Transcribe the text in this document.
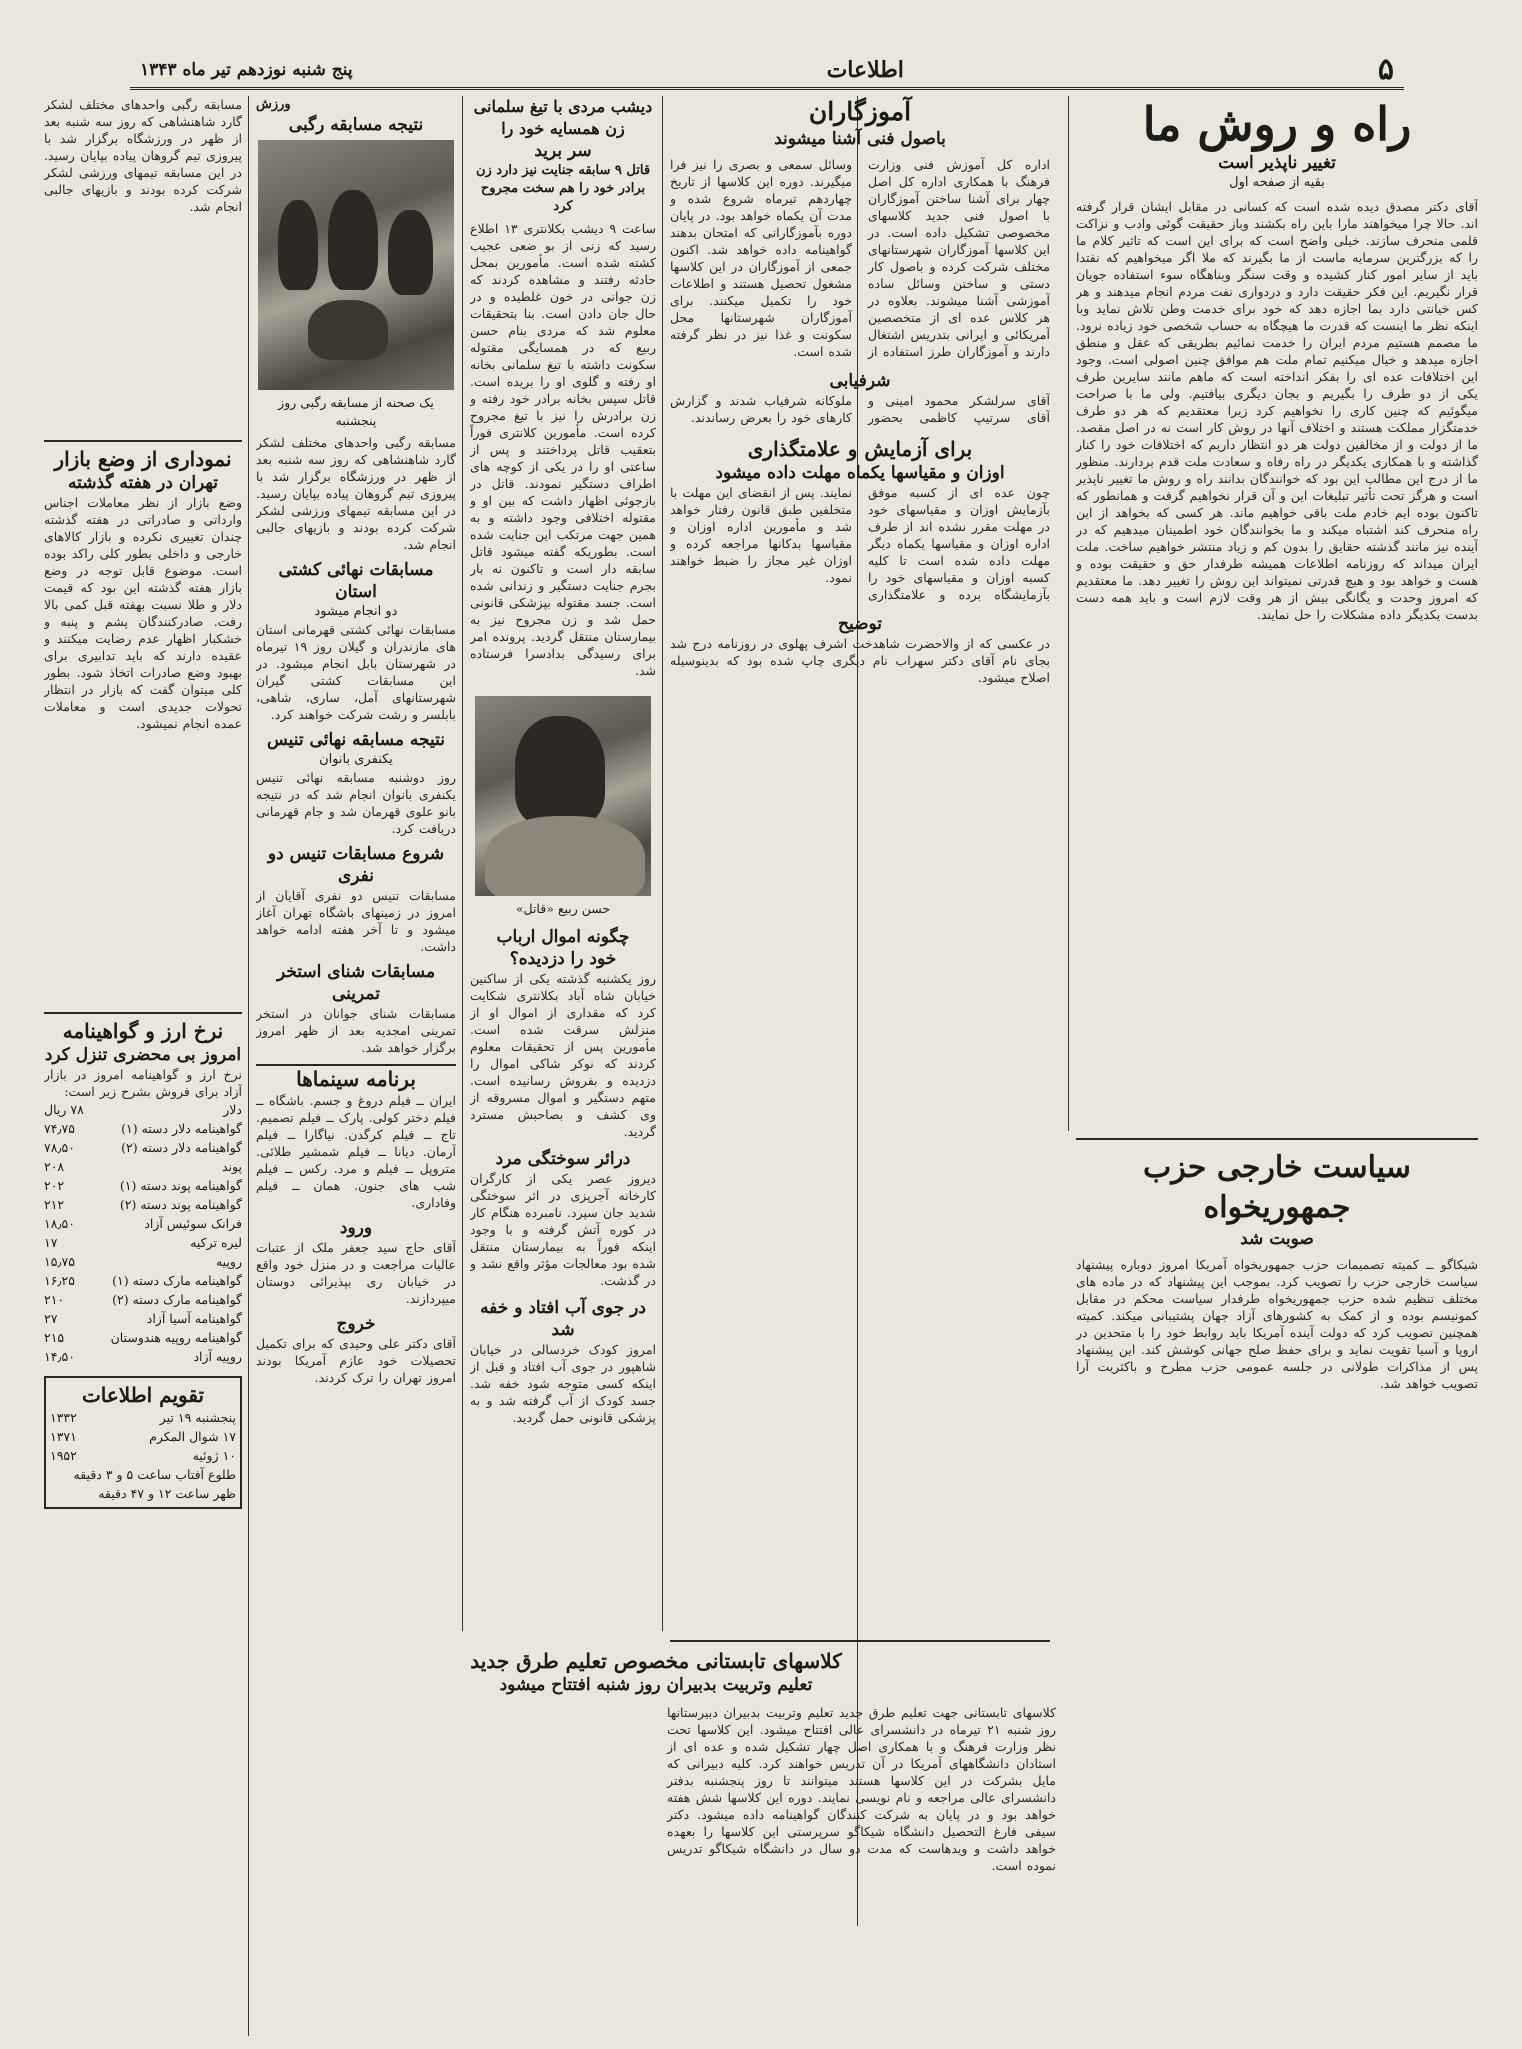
۵
اطلاعات
پنج شنبه نوزدهم تیر ماه ۱۳۴۳
راه و روش ما
تغییر ناپذیر است
بقیه از صفحه اول
آقای دکتر مصدق دیده شده است که کسانی در مقابل ایشان قرار گرفته اند. حالا چرا میخواهند مارا باین راه بکشند وباز حقیقت گوئی وادب و نزاکت قلمی منحرف سازند. خیلی واضح است که برای این است که تاثیر کلام ما را که بزرگترین سرمایه ماست از ما بگیرند که ملا اگر میخواهیم که نفتدا باید از سایر امور کنار کشیده و وقت سنگر وبناهگاه سوء استفاده جویان قرار نگیریم. این فکر حقیقت دارد و دردواری نفت مردم انجام میدهند و هر کس خیانتی دارد بما اجازه دهد که خود برای خدمت وطن تلاش نماید وبا اینکه نظر ما اینست که قدرت ما هیچگاه به حساب شخصی خود زیاده نرود. ما مصمم هستیم مردم ایران را خدمت نمائیم بطریقی که عقل و منطق اجازه میدهد و خیال میکنیم تمام ملت هم موافق چنین اصولی است. وجود این اختلافات عده ای را بفکر انداخته است که ماهم مانند سایرین طرف یکی از دو طرف را بگیریم و بجان دیگری بیافتیم. ولی ما با صراحت میگوئیم که چنین کاری را نخواهیم کرد زیرا معتقدیم که هر دو طرف خدمتگزار مملکت هستند و اختلاف آنها در روش کار است نه در اصل مقصد. ما از دولت و از مخالفین دولت هر دو انتظار داریم که اختلافات خود را کنار گذاشته و با همکاری یکدیگر در راه رفاه و سعادت ملت قدم بردارند. منظور ما از درج این مطالب این بود که خوانندگان بدانند راه و روش ما تغییر ناپذیر است و هرگز تحت تأثیر تبلیغات این و آن قرار نخواهیم گرفت و همانطور که تاکنون بوده ایم خادم ملت باقی خواهیم ماند. هر کسی که بخواهد از این راه منحرف کند اشتباه میکند و ما بخوانندگان خود اطمینان میدهیم که در آینده نیز مانند گذشته حقایق را بدون کم و زیاد منتشر خواهیم ساخت. ملت ایران میداند که روزنامه اطلاعات همیشه طرفدار حق و حقیقت بوده و هست و خواهد بود و هیچ قدرتی نمیتواند این روش را تغییر دهد. ما معتقدیم که امروز وحدت و یگانگی بیش از هر وقت لازم است و باید همه دست بدست یکدیگر داده مشکلات را حل نمایند.
کلاسهای تابستانی مخصوص تعلیم طرق جدید
تعلیم وتربیت بدبیران روز شنبه افتتاح میشود
کلاسهای تابستانی جهت تعلیم طرق جدید تعلیم وتربیت بدبیران دبیرستانها روز شنبه ۲۱ تیرماه در دانشسرای عالی افتتاح میشود. این کلاسها تحت نظر وزارت فرهنگ و با همکاری اصل چهار تشکیل شده و عده ای از استادان دانشگاههای آمریکا در آن تدریس خواهند کرد. کلیه دبیرانی که مایل بشرکت در این کلاسها هستند میتوانند تا روز پنجشنبه بدفتر دانشسرای عالی مراجعه و نام نویسی نمایند. دوره این کلاسها شش هفته خواهد بود و در پایان به شرکت کنندگان گواهینامه داده میشود. دکتر سیفی فارغ التحصیل دانشگاه شیکاگو سرپرستی این کلاسها را بعهده خواهد داشت و ویدهاست که مدت دو سال در دانشگاه شیکاگو تدریس نموده است.
سیاست خارجی حزب جمهوریخواه
صوبت شد
شیکاگو ــ کمیته تصمیمات حزب جمهوریخواه آمریکا امروز دوباره پیشنهاد سیاست خارجی حزب را تصویب کرد. بموجب این پیشنهاد که در ماده های مختلف تنظیم شده حزب جمهوریخواه طرفدار سیاست محکم در مقابل کمونیسم بوده و از کمک به کشورهای آزاد جهان پشتیبانی میکند. کمیته همچنین تصویب کرد که دولت آینده آمریکا باید روابط خود را با متحدین در اروپا و آسیا تقویت نماید و برای حفظ صلح جهانی کوشش کند. این پیشنهاد پس از مذاکرات طولانی در جلسه عمومی حزب مطرح و باکثریت آرا تصویب خواهد شد.
آموزگاران
باصول فنی آشنا میشوند
اداره کل آموزش فنی وزارت فرهنگ با همکاری اداره کل اصل چهار برای آشنا ساختن آموزگاران با اصول فنی جدید کلاسهای مخصوصی تشکیل داده است. در این کلاسها آموزگاران شهرستانهای مختلف شرکت کرده و باصول کار دستی و ساختن وسائل ساده آموزشی آشنا میشوند. بعلاوه در هر کلاس عده ای از متخصصین آمریکائی و ایرانی بتدریس اشتغال دارند و آموزگاران طرز استفاده از وسائل سمعی و بصری را نیز فرا میگیرند. دوره این کلاسها از تاریخ چهاردهم تیرماه شروع شده و مدت آن یکماه خواهد بود. در پایان دوره بآموزگارانی که امتحان بدهند گواهینامه داده خواهد شد. اکنون جمعی از آموزگاران در این کلاسها مشغول تحصیل هستند و اطلاعات خود را تکمیل میکنند. برای آموزگاران شهرستانها محل سکونت و غذا نیز در نظر گرفته شده است.
شرفیابی
آقای سرلشکر محمود امینی و آقای سرتیپ کاظمی بحضور ملوکانه شرفیاب شدند و گزارش کارهای خود را بعرض رساندند.
برای آزمایش و علامتگذاری
اوزان و مقیاسها یکماه مهلت داده میشود
چون عده ای از کسبه موفق بآزمایش اوزان و مقیاسهای خود در مهلت مقرر نشده اند از طرف اداره اوزان و مقیاسها یکماه دیگر مهلت داده شده است تا کلیه کسبه اوزان و مقیاسهای خود را بآزمایشگاه برده و علامتگذاری نمایند. پس از انقضای این مهلت با متخلفین طبق قانون رفتار خواهد شد و مأمورین اداره اوزان و مقیاسها بدکانها مراجعه کرده و اوزان غیر مجاز را ضبط خواهند نمود.
توضیح
در عکسی که از والاحضرت شاهدخت اشرف پهلوی در روزنامه درج شد بجای نام آقای دکتر سهراب نام دیگری چاپ شده بود که بدینوسیله اصلاح میشود.
دیشب مردی با تیغ سلمانی زن همسایه خود را
سر برید
قاتل ۹ سابقه جنایت نیز دارد زن برادر خود را هم سخت مجروح کرد
ساعت ۹ دیشب بکلانتری ۱۳ اطلاع رسید که زنی از بو ضعی عجیب کشته شده است. مأمورین بمحل حادثه رفتند و مشاهده کردند که زن جوانی در خون غلطیده و در حال جان دادن است. بنا بتحقیقات معلوم شد که مردی بنام حسن ربیع که در همسایگی مقتوله سکونت داشته با تیغ سلمانی بخانه او رفته و گلوی او را بریده است. قاتل سپس بخانه برادر خود رفته و زن برادرش را نیز با تیغ مجروح کرده است. مأمورین کلانتری فوراً بتعقیب قاتل پرداختند و پس از ساعتی او را در یکی از کوچه های اطراف دستگیر نمودند. قاتل در بازجوئی اظهار داشت که بین او و مقتوله اختلافی وجود داشته و به همین جهت مرتکب این جنایت شده است. بطوریکه گفته میشود قاتل سابقه دار است و تاکنون نه بار بجرم جنایت دستگیر و زندانی شده است. جسد مقتوله بپزشکی قانونی حمل شد و زن مجروح نیز به بیمارستان منتقل گردید. پرونده امر برای رسیدگی بدادسرا فرستاده شد.
حسن ربیع «قاتل»
چگونه اموال ارباب
خود را دزدیده؟
روز یکشنبه گذشته یکی از ساکنین خیابان شاه آباد بکلانتری شکایت کرد که مقداری از اموال او از منزلش سرقت شده است. مأمورین پس از تحقیقات معلوم کردند که نوکر شاکی اموال را دزدیده و بفروش رسانیده است. متهم دستگیر و اموال مسروقه از وی کشف و بصاحبش مسترد گردید.
درائر سوختگی مرد
دیروز عصر یکی از کارگران کارخانه آجرپزی در اثر سوختگی شدید جان سپرد. نامبرده هنگام کار در کوره آتش گرفته و با وجود اینکه فوراً به بیمارستان منتقل شده بود معالجات مؤثر واقع نشد و در گذشت.
در جوی آب افتاد و خفه شد
امروز کودک خردسالی در خیابان شاهپور در جوی آب افتاد و قبل از اینکه کسی متوجه شود خفه شد. جسد کودک از آب گرفته شد و به پزشکی قانونی حمل گردید.
ورزش
نتیجه مسابقه رگبی
یک صحنه از مسابقه رگبی روز پنجشنبه
مسابقه رگبی واحدهای مختلف لشکر گارد شاهنشاهی که روز سه شنبه بعد از ظهر در ورزشگاه برگزار شد با پیروزی تیم گروهان پیاده بپایان رسید. در این مسابقه تیمهای ورزشی لشکر شرکت کرده بودند و بازیهای جالبی انجام شد.
مسابقات نهائی کشتی استان
دو انجام میشود
مسابقات نهائی کشتی قهرمانی استان های مازندران و گیلان روز ۱۹ تیرماه در شهرستان بابل انجام میشود. در این مسابقات کشتی گیران شهرستانهای آمل، ساری، شاهی، بابلسر و رشت شرکت خواهند کرد.
نتیجه مسابقه نهائی تنیس
یکنفری بانوان
روز دوشنبه مسابقه نهائی تنیس یکنفری بانوان انجام شد که در نتیجه بانو علوی قهرمان شد و جام قهرمانی دریافت کرد.
شروع مسابقات تنیس دو نفری
مسابقات تنیس دو نفری آقایان از امروز در زمینهای باشگاه تهران آغاز میشود و تا آخر هفته ادامه خواهد داشت.
مسابقات شنای استخر تمرینی
مسابقات شنای جوانان در استخر تمرینی امجدیه بعد از ظهر امروز برگزار خواهد شد.
برنامه سینماها
ایران ــ فیلم دروغ و جسم. باشگاه ــ فیلم دختر کولی. پارک ــ فیلم تصمیم. تاج ــ فیلم کرگدن. نیاگارا ــ فیلم آرمان. دیانا ــ فیلم شمشیر طلائی. متروپل ــ فیلم و مرد. رکس ــ فیلم شب های جنون. همان ــ فیلم وفاداری.
ورود
آقای حاج سید جعفر ملک از عتبات عالیات مراجعت و در منزل خود واقع در خیابان ری بپذیرائی دوستان میپردازند.
خروج
آقای دکتر علی وحیدی که برای تکمیل تحصیلات خود عازم آمریکا بودند امروز تهران را ترک کردند.
نموداری از وضع بازار
تهران در هفته گذشته
وضع بازار از نظر معاملات اجناس وارداتی و صادراتی در هفته گذشته چندان تغییری نکرده و بازار کالاهای خارجی و داخلی بطور کلی راکد بوده است. موضوع قابل توجه در وضع بازار هفته گذشته این بود که قیمت دلار و طلا نسبت بهفته قبل کمی بالا رفت. صادرکنندگان پشم و پنبه و خشکبار اظهار عدم رضایت میکنند و عقیده دارند که باید تدابیری برای بهبود وضع صادرات اتخاذ شود. بطور کلی میتوان گفت که بازار در انتظار تحولات جدیدی است و معاملات عمده انجام نمیشود.
نرخ ارز و گواهینامه
امروز بی محضری تنزل کرد
نرخ ارز و گواهینامه امروز در بازار آزاد برای فروش بشرح زیر است:
دلار
۷۸ ریال
گواهینامه دلار دسته (۱)
۷۴٫۷۵
گواهینامه دلار دسته (۲)
۷۸٫۵۰
پوند
۲۰۸
گواهینامه پوند دسته (۱)
۲۰۲
گواهینامه پوند دسته (۲)
۲۱۲
فرانک سوئیس آزاد
۱۸٫۵۰
لیره ترکیه
۱۷
روپیه
۱۵٫۷۵
گواهینامه مارک دسته (۱)
۱۶٫۲۵
گواهینامه مارک دسته (۲)
۲۱۰
گواهینامه آسیا آزاد
۲۷
گواهینامه روپیه هندوستان
۲۱۵
روپیه آزاد
۱۴٫۵۰
تقویم اطلاعات
پنجشنبه ۱۹ تیر
۱۳۳۲
۱۷ شوال المکرم
۱۳۷۱
۱۰ ژوئیه
۱۹۵۲
طلوع آفتاب ساعت ۵ و ۳ دقیقه
ظهر ساعت ۱۲ و ۴۷ دقیقه
مسابقه رگبی واحدهای مختلف لشکر گارد شاهنشاهی که روز سه شنبه بعد از ظهر در ورزشگاه برگزار شد با پیروزی تیم گروهان پیاده بپایان رسید. در این مسابقه تیمهای ورزشی لشکر شرکت کرده بودند و بازیهای جالبی انجام شد.
